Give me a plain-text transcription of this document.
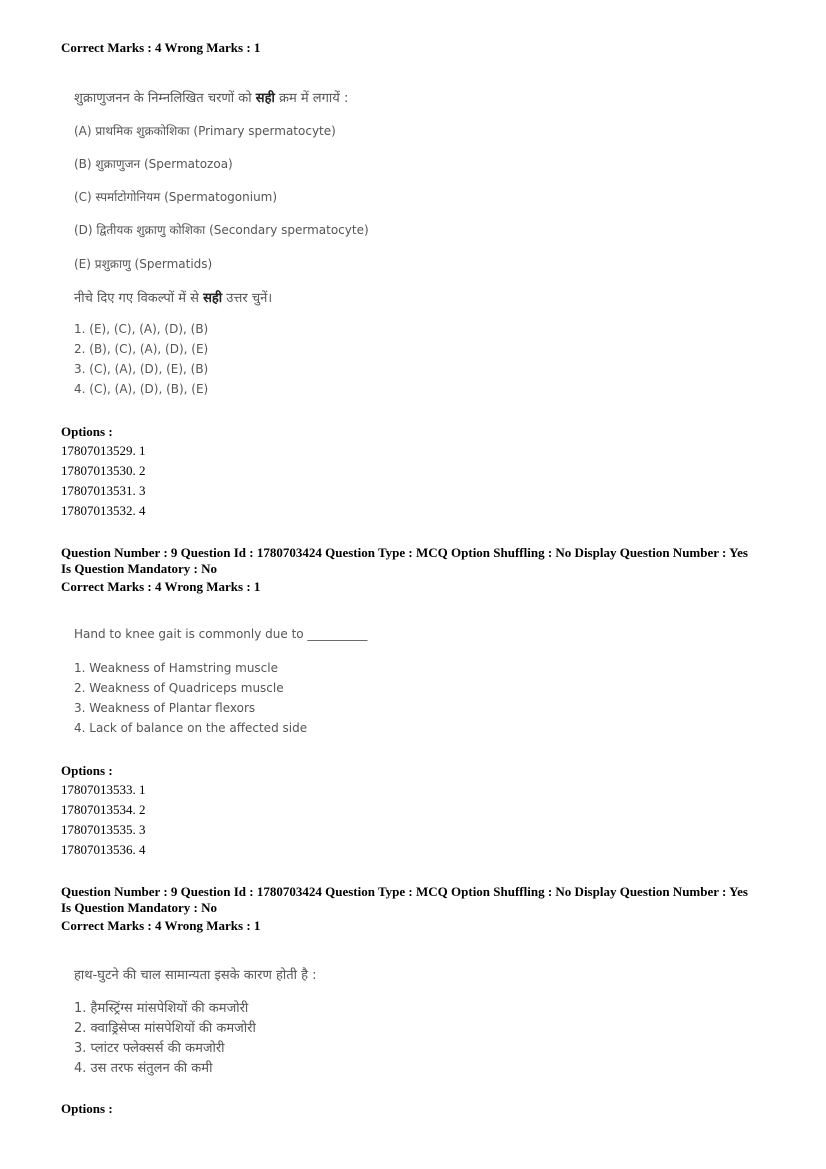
Correct Marks : 4 Wrong Marks : 1
शुक्राणुजनन के निम्नलिखित चरणों को सही क्रम में लगायें :
(A) प्राथमिक शुक्रकोशिका (Primary spermatocyte)
(B) शुक्राणुजन (Spermatozoa)
(C) स्पर्माटोगोनियम (Spermatogonium)
(D) द्वितीयक शुक्राणु कोशिका (Secondary spermatocyte)
(E) प्रशुक्राणु (Spermatids)
नीचे दिए गए विकल्पों में से सही उत्तर चुनें।
1. (E), (C), (A), (D), (B)
2. (B), (C), (A), (D), (E)
3. (C), (A), (D), (E), (B)
4. (C), (A), (D), (B), (E)
Options :
17807013529. 1
17807013530. 2
17807013531. 3
17807013532. 4
Question Number : 9 Question Id : 1780703424 Question Type : MCQ Option Shuffling : No Display Question Number : Yes
Is Question Mandatory : No
Correct Marks : 4 Wrong Marks : 1
Hand to knee gait is commonly due to __________
1. Weakness of Hamstring muscle
2. Weakness of Quadriceps muscle
3. Weakness of Plantar flexors
4. Lack of balance on the affected side
Options :
17807013533. 1
17807013534. 2
17807013535. 3
17807013536. 4
Question Number : 9 Question Id : 1780703424 Question Type : MCQ Option Shuffling : No Display Question Number : Yes
Is Question Mandatory : No
Correct Marks : 4 Wrong Marks : 1
हाथ-घुटने की चाल सामान्यता इसके कारण होती है :
1. हैमस्ट्रिंग्स मांसपेशियों की कमजोरी
2. क्वाड्रिसेप्स मांसपेशियों की कमजोरी
3. प्लांटर फ्लेक्सर्स की कमजोरी
4. उस तरफ संतुलन की कमी
Options :
